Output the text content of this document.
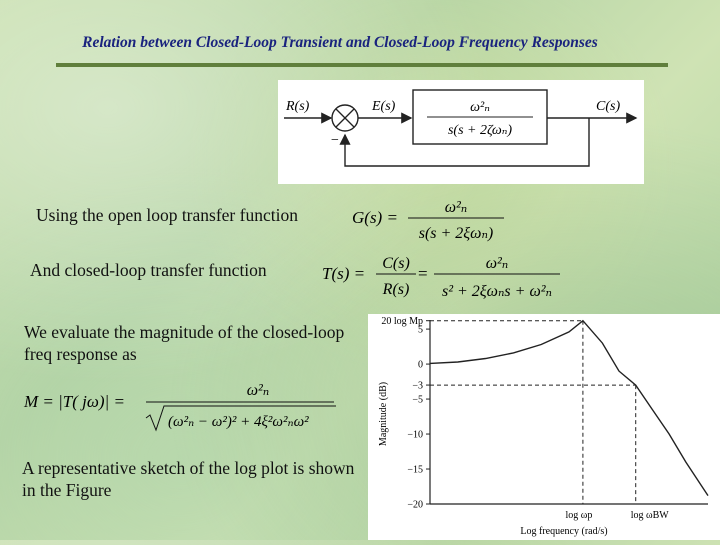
Relation between Closed-Loop Transient and Closed-Loop Frequency Responses
R(s)	E(s)	C(s)
−
ω²ₙ
s(s + 2ζωₙ)
Using the open loop transfer function	G(s) =
ω²ₙ
s(s + 2ξωₙ)
And closed-loop transfer function	T(s) =
C(s)
R(s)
=
ω²ₙ
s² + 2ξωₙs + ω²ₙ
We evaluate the magnitude of the closed-loop freq response as
M = |T( jω)| =
ω²ₙ
(ω²ₙ − ω²)² + 4ξ²ω²ₙω²
A representative sketch of the log plot is shown in the Figure
20 log Mp
5
0
−3
−5
−10
−15
−20
log ωp	log ωBW
Magnitude (dB)
Log frequency (rad/s)
